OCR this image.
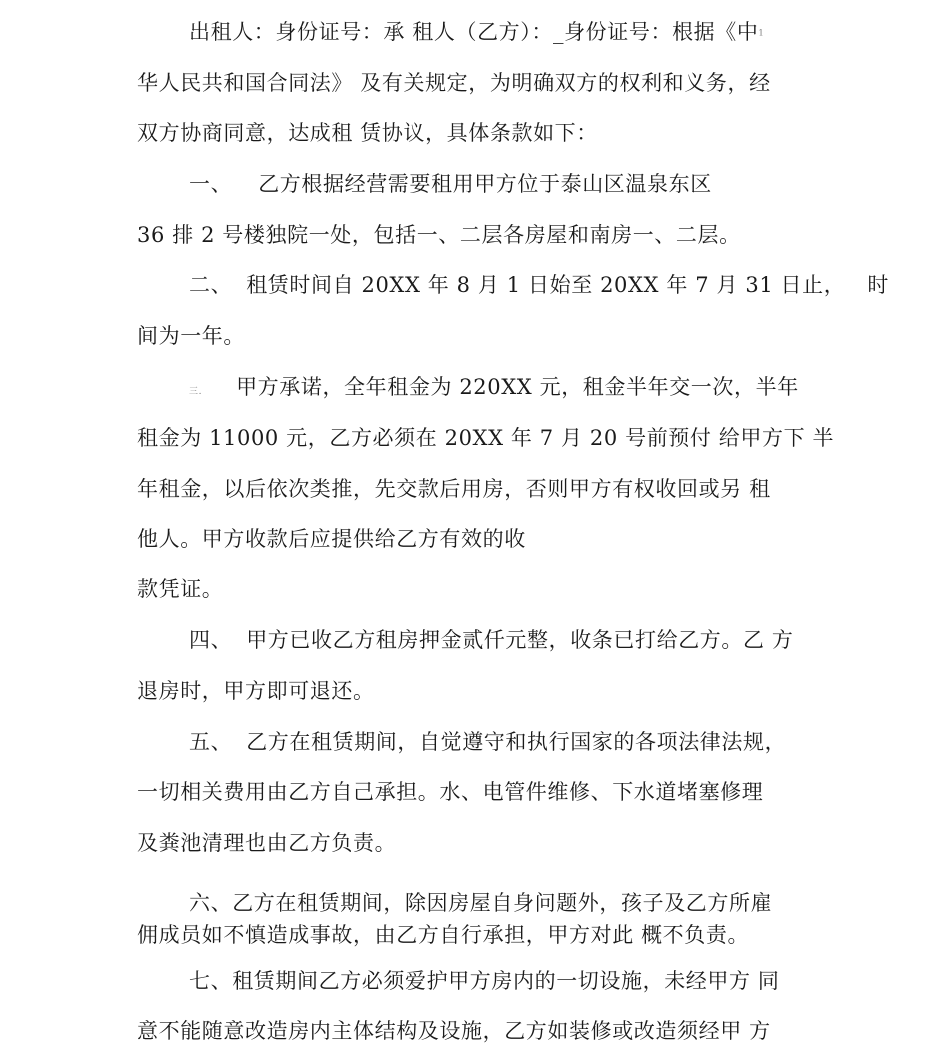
出租人：身份证号：承 租人（乙方）：_身份证号：根据《中1
华人民共和国合同法》 及有关规定，为明确双方的权利和义务，经
双方协商同意，达成租 赁协议，具体条款如下：
一、 乙方根据经营需要租用甲方位于泰山区温泉东区
36 排 2 号楼独院一处，包括一、二层各房屋和南房一、二层。
二、 租赁时间自 20XX 年 8 月 1 日始至 20XX 年 7 月 31 日止， 时
间为一年。
三. 甲方承诺，全年租金为 220XX 元，租金半年交一次，半年
租金为 11000 元，乙方必须在 20XX 年 7 月 20 号前预付 给甲方下 半
年租金，以后依次类推，先交款后用房，否则甲方有权收回或另 租
他人。甲方收款后应提供给乙方有效的收
款凭证。
四、 甲方已收乙方租房押金贰仟元整，收条已打给乙方。乙 方
退房时，甲方即可退还。
五、 乙方在租赁期间，自觉遵守和执行国家的各项法律法规，
一切相关费用由乙方自己承担。水、电管件维修、下水道堵塞修理
及粪池清理也由乙方负责。
六、乙方在租赁期间，除因房屋自身问题外，孩子及乙方所雇
佣成员如不慎造成事故，由乙方自行承担，甲方对此 概不负责。
七、租赁期间乙方必须爱护甲方房内的一切设施，未经甲方 同
意不能随意改造房内主体结构及设施，乙方如装修或改造须经甲 方
